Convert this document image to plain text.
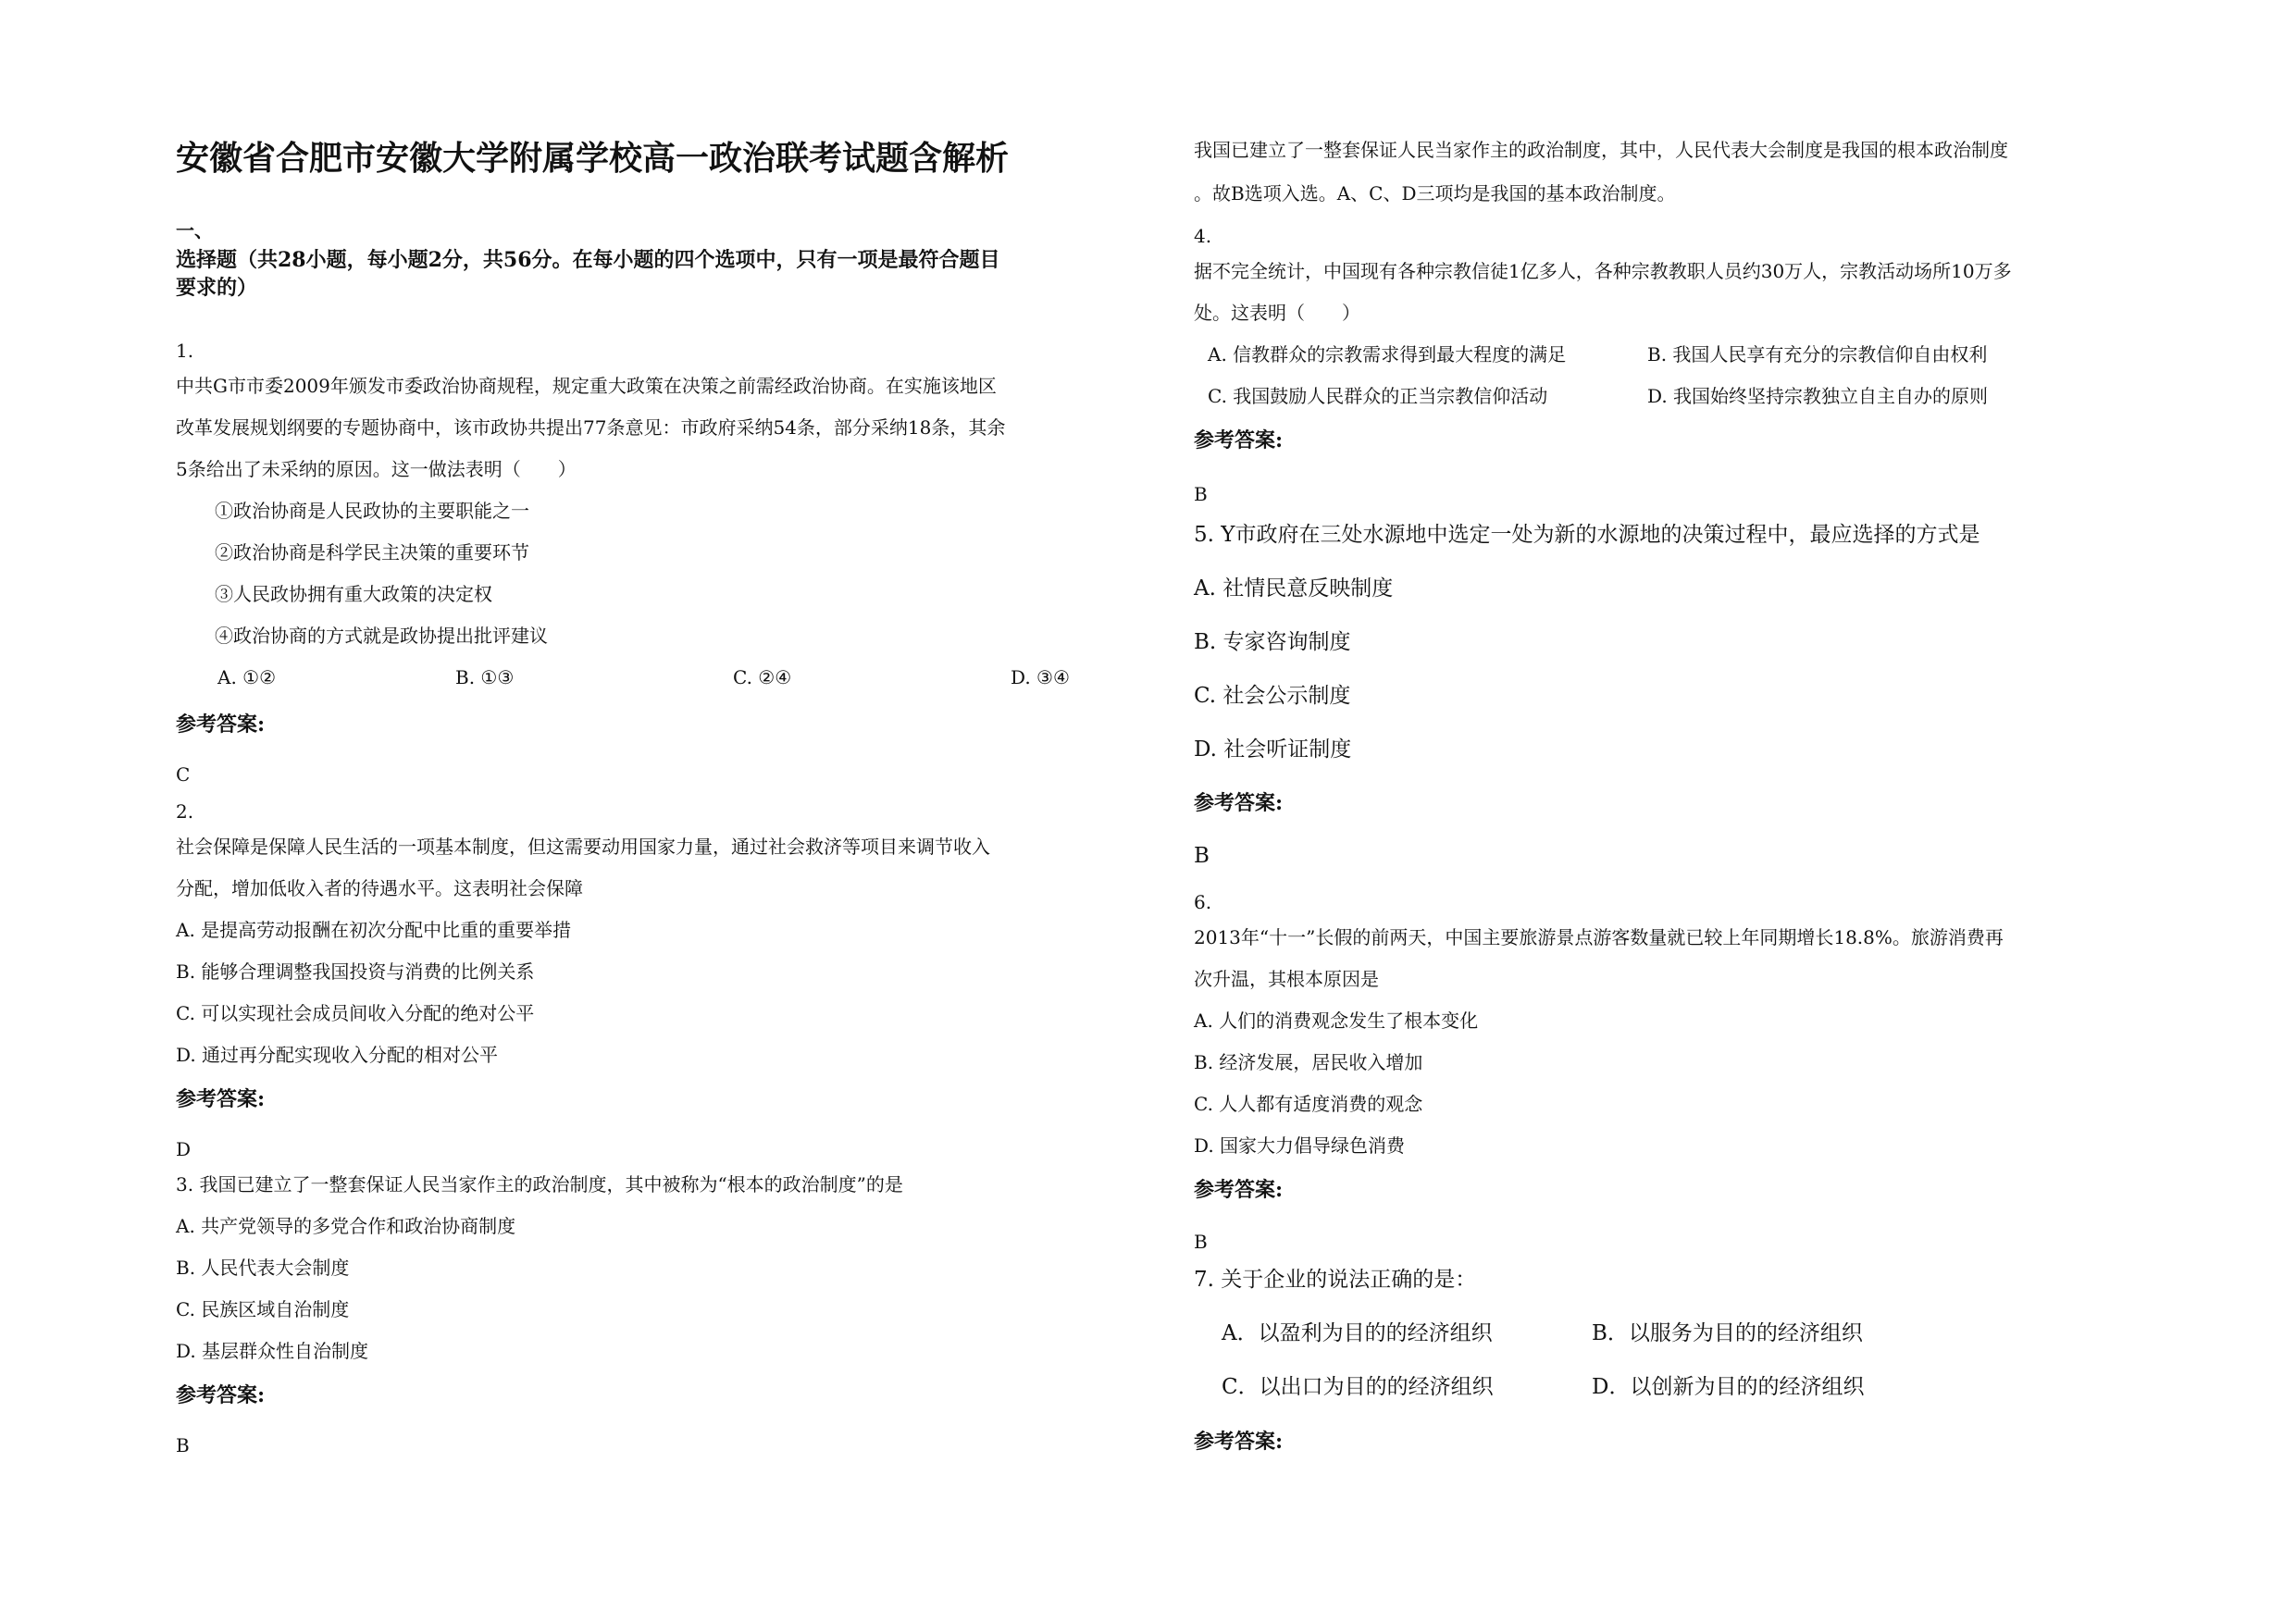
安徽省合肥市安徽大学附属学校高一政治联考试题含解析
一、
选择题（共28小题，每小题2分，共56分。在每小题的四个选项中，只有一项是最符合题目
要求的）
1.
中共G市市委2009年颁发市委政治协商规程，规定重大政策在决策之前需经政治协商。在实施该地区
改革发展规划纲要的专题协商中，该市政协共提出77条意见：市政府采纳54条，部分采纳18条，其余
5条给出了未采纳的原因。这一做法表明（　　）
①政治协商是人民政协的主要职能之一
②政治协商是科学民主决策的重要环节
③人民政协拥有重大政策的决定权
④政治协商的方式就是政协提出批评建议
A. ①②	B. ①③	C. ②④	D. ③④
参考答案:
C
2.
社会保障是保障人民生活的一项基本制度，但这需要动用国家力量，通过社会救济等项目来调节收入
分配，增加低收入者的待遇水平。这表明社会保障
A. 是提高劳动报酬在初次分配中比重的重要举措
B. 能够合理调整我国投资与消费的比例关系
C. 可以实现社会成员间收入分配的绝对公平
D. 通过再分配实现收入分配的相对公平
参考答案:
D
3. 我国已建立了一整套保证人民当家作主的政治制度，其中被称为“根本的政治制度”的是
A. 共产党领导的多党合作和政治协商制度
B. 人民代表大会制度
C. 民族区域自治制度
D. 基层群众性自治制度
参考答案:
B
我国已建立了一整套保证人民当家作主的政治制度，其中，人民代表大会制度是我国的根本政治制度
。故B选项入选。A、C、D三项均是我国的基本政治制度。
4.
据不完全统计，中国现有各种宗教信徒1亿多人，各种宗教教职人员约30万人，宗教活动场所10万多
处。这表明（　　）
A. 信教群众的宗教需求得到最大程度的满足	B. 我国人民享有充分的宗教信仰自由权利
C. 我国鼓励人民群众的正当宗教信仰活动	D. 我国始终坚持宗教独立自主自办的原则
参考答案:
B
5. Y市政府在三处水源地中选定一处为新的水源地的决策过程中，最应选择的方式是
A. 社情民意反映制度
B. 专家咨询制度
C. 社会公示制度
D. 社会听证制度
参考答案:
B
6.
2013年“十一”长假的前两天，中国主要旅游景点游客数量就已较上年同期增长18.8%。旅游消费再
次升温，其根本原因是
A. 人们的消费观念发生了根本变化
B. 经济发展，居民收入增加
C. 人人都有适度消费的观念
D. 国家大力倡导绿色消费
参考答案:
B
7. 关于企业的说法正确的是：
A．以盈利为目的的经济组织	B．以服务为目的的经济组织
C．以出口为目的的经济组织	D．以创新为目的的经济组织
参考答案:
